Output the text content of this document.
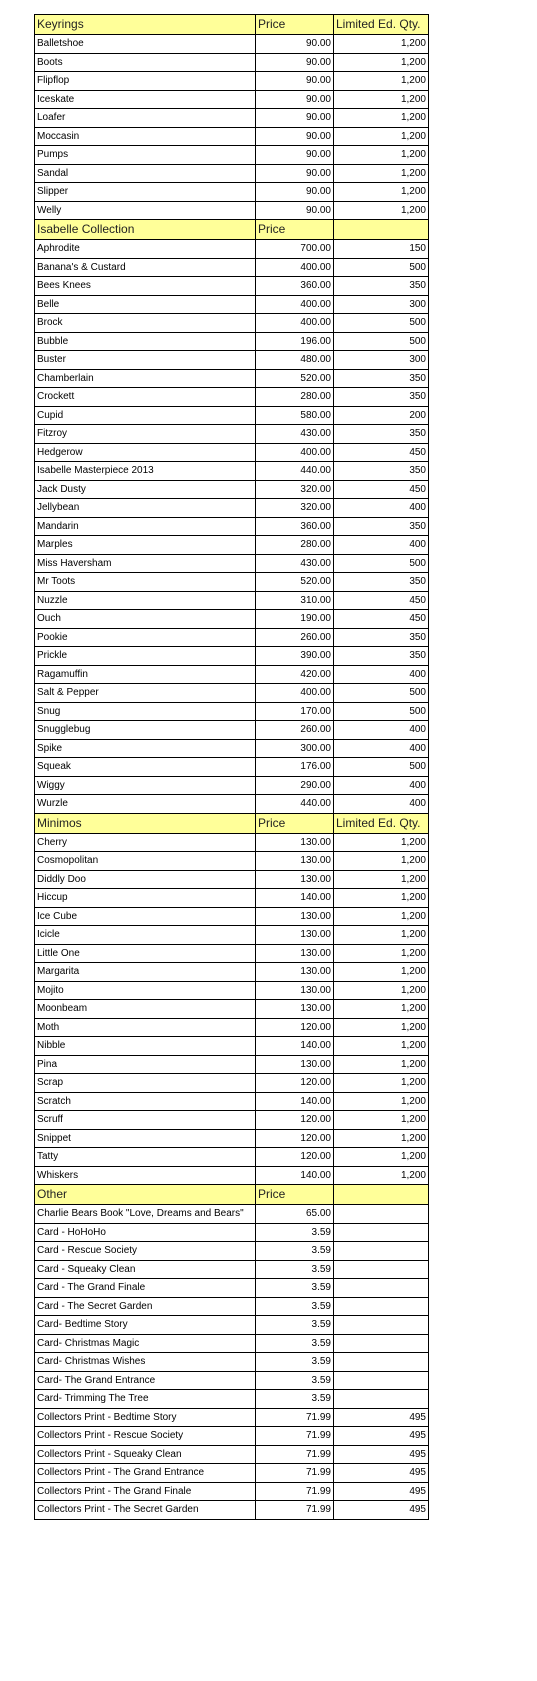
Keyrings	Price	Limited Ed. Qty.
Balletshoe	90.00	1,200
Boots	90.00	1,200
Flipflop	90.00	1,200
Iceskate	90.00	1,200
Loafer	90.00	1,200
Moccasin	90.00	1,200
Pumps	90.00	1,200
Sandal	90.00	1,200
Slipper	90.00	1,200
Welly	90.00	1,200
Isabelle Collection	Price	
Aphrodite	700.00	150
Banana's & Custard	400.00	500
Bees Knees	360.00	350
Belle	400.00	300
Brock	400.00	500
Bubble	196.00	500
Buster	480.00	300
Chamberlain	520.00	350
Crockett	280.00	350
Cupid	580.00	200
Fitzroy	430.00	350
Hedgerow	400.00	450
Isabelle Masterpiece 2013	440.00	350
Jack Dusty	320.00	450
Jellybean	320.00	400
Mandarin	360.00	350
Marples	280.00	400
Miss Haversham	430.00	500
Mr Toots	520.00	350
Nuzzle	310.00	450
Ouch	190.00	450
Pookie	260.00	350
Prickle	390.00	350
Ragamuffin	420.00	400
Salt & Pepper	400.00	500
Snug	170.00	500
Snugglebug	260.00	400
Spike	300.00	400
Squeak	176.00	500
Wiggy	290.00	400
Wurzle	440.00	400
Minimos	Price	Limited Ed. Qty.
Cherry	130.00	1,200
Cosmopolitan	130.00	1,200
Diddly Doo	130.00	1,200
Hiccup	140.00	1,200
Ice Cube	130.00	1,200
Icicle	130.00	1,200
Little One	130.00	1,200
Margarita	130.00	1,200
Mojito	130.00	1,200
Moonbeam	130.00	1,200
Moth	120.00	1,200
Nibble	140.00	1,200
Pina	130.00	1,200
Scrap	120.00	1,200
Scratch	140.00	1,200
Scruff	120.00	1,200
Snippet	120.00	1,200
Tatty	120.00	1,200
Whiskers	140.00	1,200
Other	Price	
Charlie Bears Book "Love, Dreams and Bears"	65.00	
Card - HoHoHo	3.59	
Card - Rescue Society	3.59	
Card - Squeaky Clean	3.59	
Card - The Grand Finale	3.59	
Card - The Secret Garden	3.59	
Card- Bedtime Story	3.59	
Card- Christmas Magic	3.59	
Card- Christmas Wishes	3.59	
Card- The Grand Entrance	3.59	
Card- Trimming The Tree	3.59	
Collectors Print - Bedtime Story	71.99	495
Collectors Print - Rescue Society	71.99	495
Collectors Print - Squeaky Clean	71.99	495
Collectors Print - The Grand Entrance	71.99	495
Collectors Print - The Grand Finale	71.99	495
Collectors Print - The Secret Garden	71.99	495
